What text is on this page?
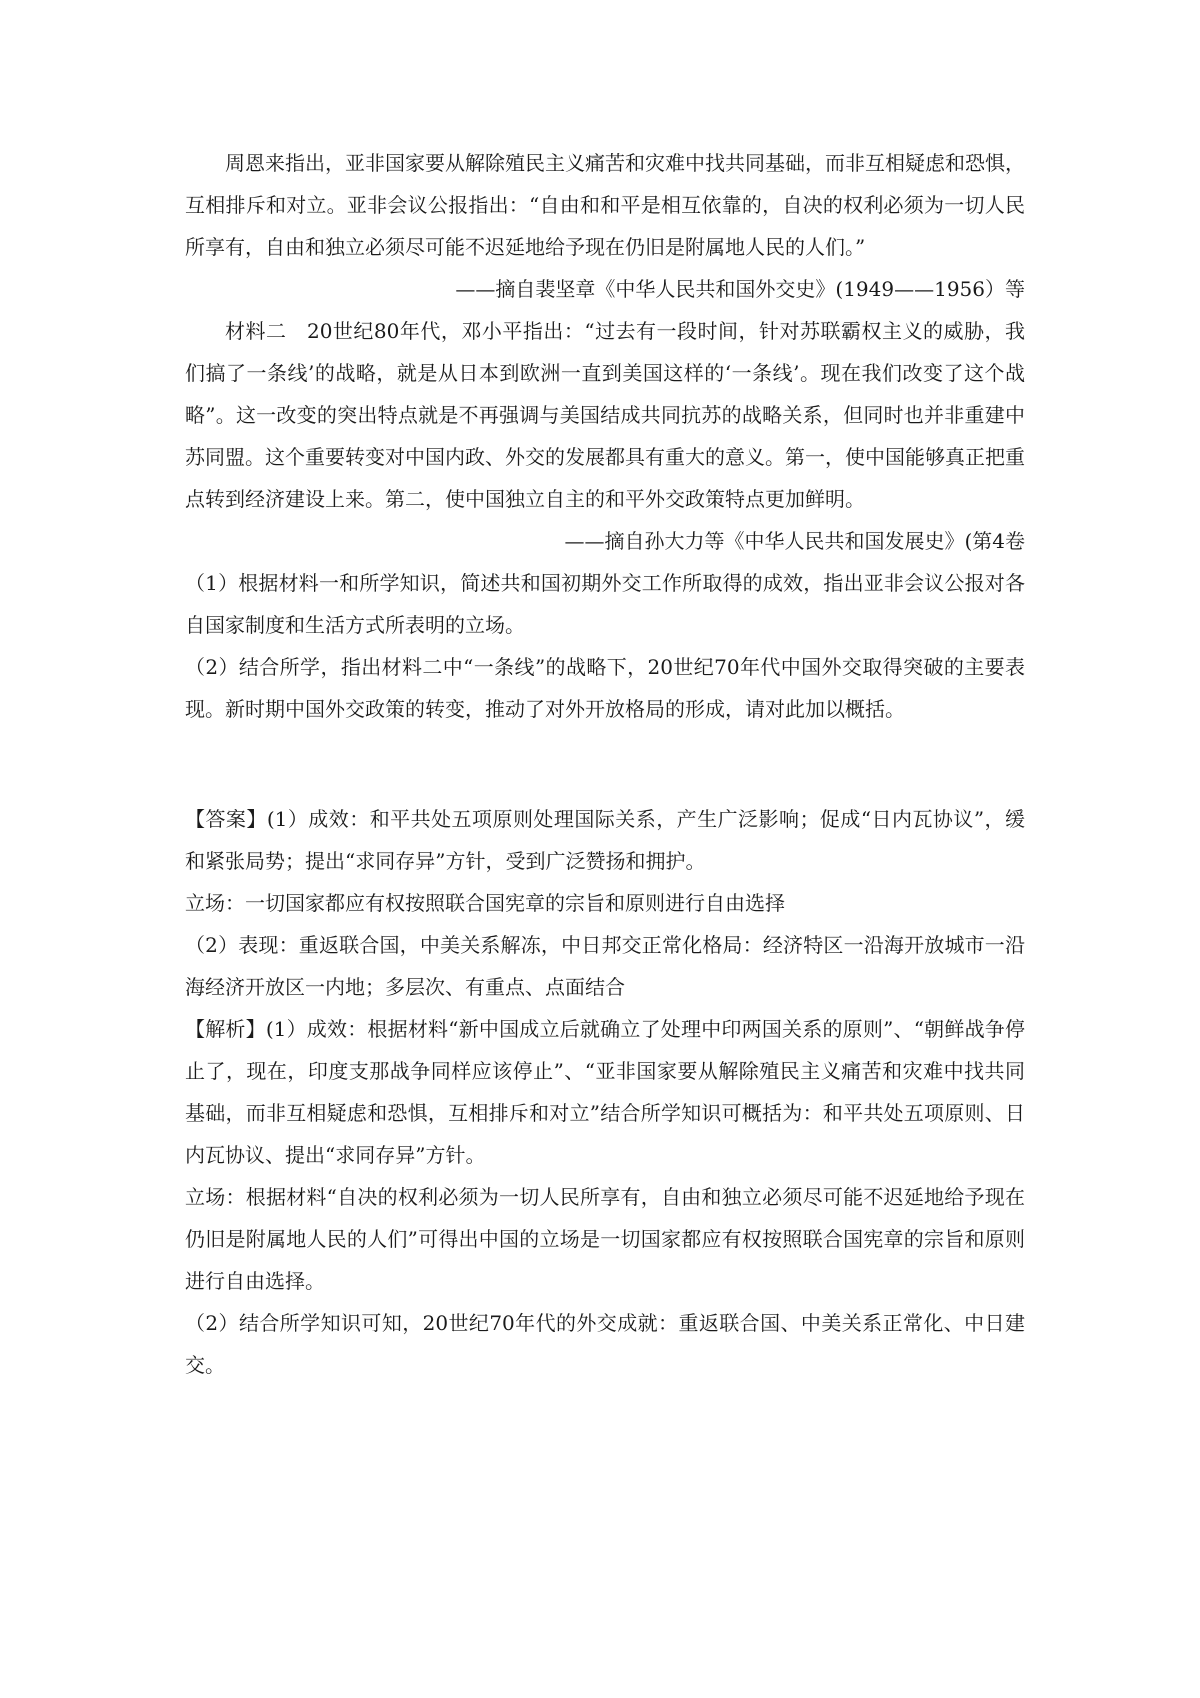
周恩来指出，亚非国家要从解除殖民主义痛苦和灾难中找共同基础，而非互相疑虑和恐惧，互相排斥和对立。亚非会议公报指出：“自由和和平是相互依靠的，自决的权利必须为一切人民所享有，自由和独立必须尽可能不迟延地给予现在仍旧是附属地人民的人们。”

——摘自裴坚章《中华人民共和国外交史》(1949——1956）等

材料二　20世纪80年代，邓小平指出：“过去有一段时间，针对苏联霸权主义的威胁，我们搞了一条线’的战略，就是从日本到欧洲一直到美国这样的‘一条线’。现在我们改变了这个战略”。这一改变的突出特点就是不再强调与美国结成共同抗苏的战略关系，但同时也并非重建中苏同盟。这个重要转变对中国内政、外交的发展都具有重大的意义。第一，使中国能够真正把重点转到经济建设上来。第二，使中国独立自主的和平外交政策特点更加鲜明。

——摘自孙大力等《中华人民共和国发展史》(第4卷

（1）根据材料一和所学知识，简述共和国初期外交工作所取得的成效，指出亚非会议公报对各自国家制度和生活方式所表明的立场。

（2）结合所学，指出材料二中“一条线”的战略下，20世纪70年代中国外交取得突破的主要表现。新时期中国外交政策的转变，推动了对外开放格局的形成，请对此加以概括。

【答案】(1）成效：和平共处五项原则处理国际关系，产生广泛影响；促成“日内瓦协议”，缓和紧张局势；提出“求同存异”方针，受到广泛赞扬和拥护。

立场：一切国家都应有权按照联合国宪章的宗旨和原则进行自由选择

（2）表现：重返联合国，中美关系解冻，中日邦交正常化格局：经济特区一沿海开放城市一沿海经济开放区一内地；多层次、有重点、点面结合

【解析】(1）成效：根据材料“新中国成立后就确立了处理中印两国关系的原则”、“朝鲜战争停止了，现在，印度支那战争同样应该停止”、“亚非国家要从解除殖民主义痛苦和灾难中找共同基础，而非互相疑虑和恐惧，互相排斥和对立”结合所学知识可概括为：和平共处五项原则、日内瓦协议、提出“求同存异”方针。

立场：根据材料“自决的权利必须为一切人民所享有，自由和独立必须尽可能不迟延地给予现在仍旧是附属地人民的人们”可得出中国的立场是一切国家都应有权按照联合国宪章的宗旨和原则进行自由选择。

（2）结合所学知识可知，20世纪70年代的外交成就：重返联合国、中美关系正常化、中日建交。
